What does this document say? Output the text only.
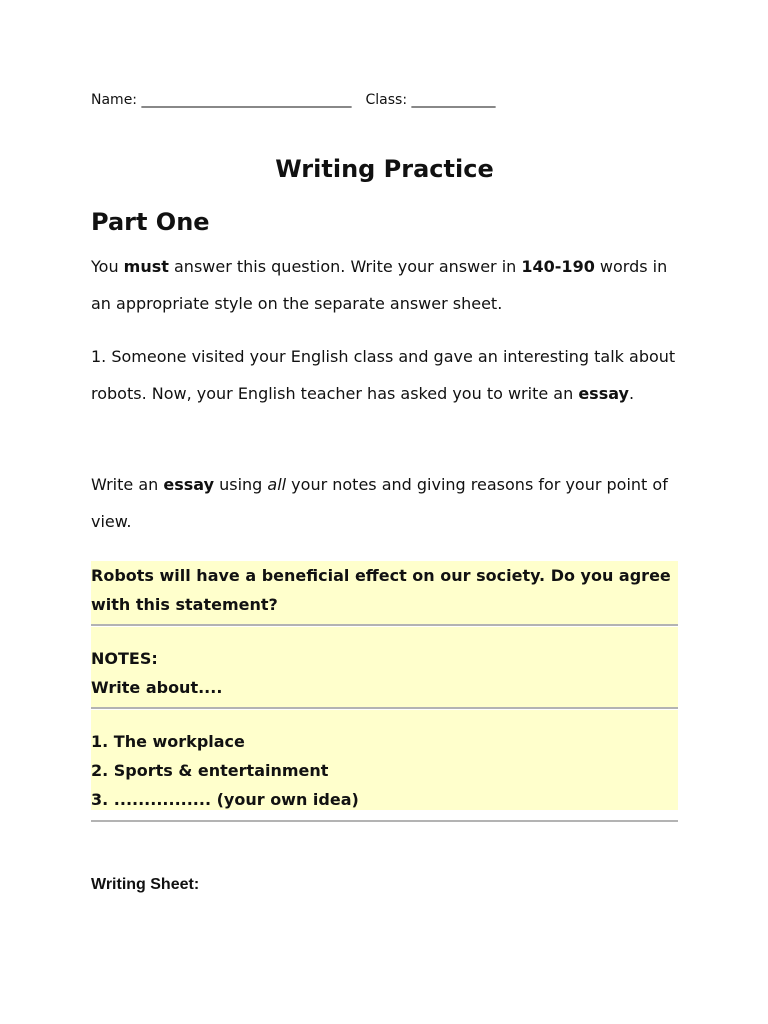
Name: ______________________________ Class: ____________
Writing Practice
Part One

You must answer this question. Write your answer in 140-190 words in an appropriate style on the separate answer sheet.

1. Someone visited your English class and gave an interesting talk about robots. Now, your English teacher has asked you to write an essay.

Write an essay using all your notes and giving reasons for your point of view.

Robots will have a beneficial effect on our society. Do you agree with this statement?
NOTES:
Write about....
1. The workplace
2. Sports & entertainment
3. ................ (your own idea)
Writing Sheet:
